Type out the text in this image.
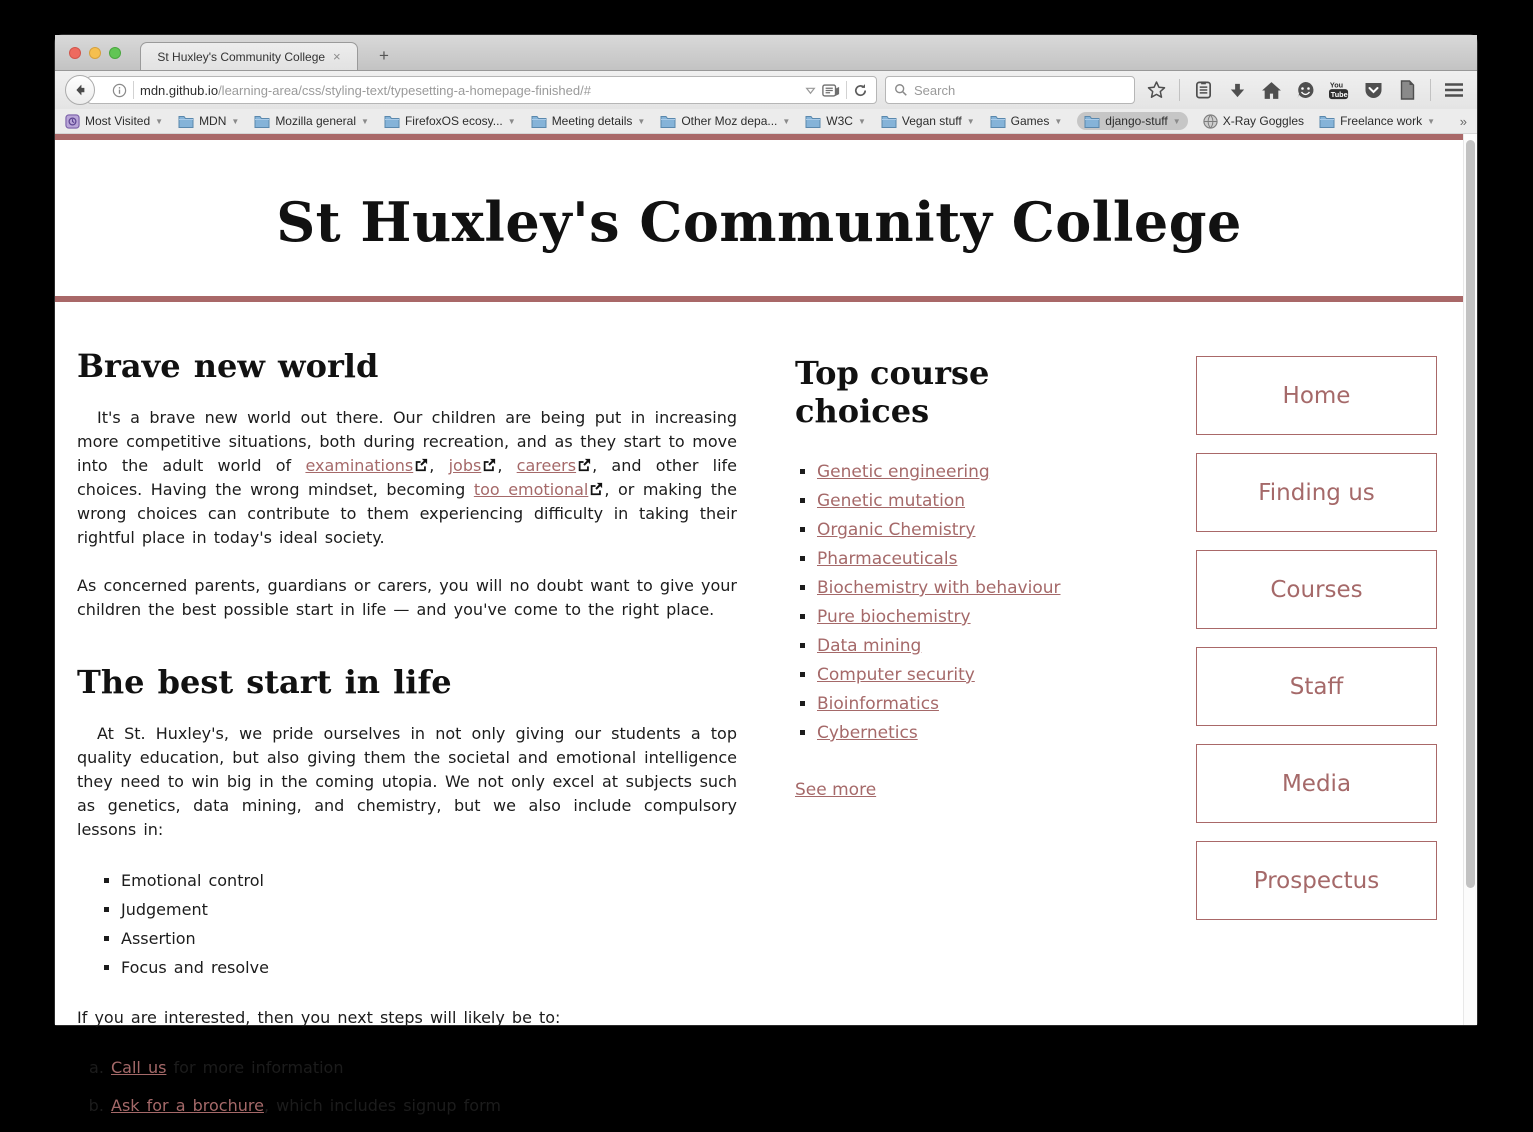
St Huxley's Community College ×	+
mdn.github.io/learning-area/css/styling-text/typesetting-a-homepage-finished/#
Search	You
Tube
Most Visited ▼	MDN ▼	Mozilla general ▼	FirefoxOS ecosy... ▼	Meeting details ▼	Other Moz depa... ▼	W3C ▼	Vegan stuff ▼	Games ▼	django-stuff ▼	X-Ray Goggles	Freelance work ▼ »
St Huxley's Community College
Brave new world

It's a brave new world out there. Our children are being put in increasing more competitive situations, both during recreation, and as they start to move into the adult world of examinations , jobs , careers , and other life choices. Having the wrong mindset, becoming too emotional , or making the wrong choices can contribute to them experiencing difficulty in taking their rightful place in today's ideal society.

As concerned parents, guardians or carers, you will no doubt want to give your children the best possible start in life — and you've come to the right place.

The best start in life

At St. Huxley's, we pride ourselves in not only giving our students a top quality education, but also giving them the societal and emotional intelligence they need to win big in the coming utopia. We not only excel at subjects such as genetics, data mining, and chemistry, but we also include compulsory lessons in:

▪ Emotional control
▪ Judgement
▪ Assertion
▪ Focus and resolve

If you are interested, then you next steps will likely be to:

a. Call us for more information
b. Ask for a brochure, which includes signup form
Top course choices
▪ Genetic engineering
▪ Genetic mutation
▪ Organic Chemistry
▪ Pharmaceuticals
▪ Biochemistry with behaviour
▪ Pure biochemistry
▪ Data mining
▪ Computer security
▪ Bioinformatics
▪ Cybernetics
See more
Home
Finding us
Courses
Staff
Media
Prospectus
